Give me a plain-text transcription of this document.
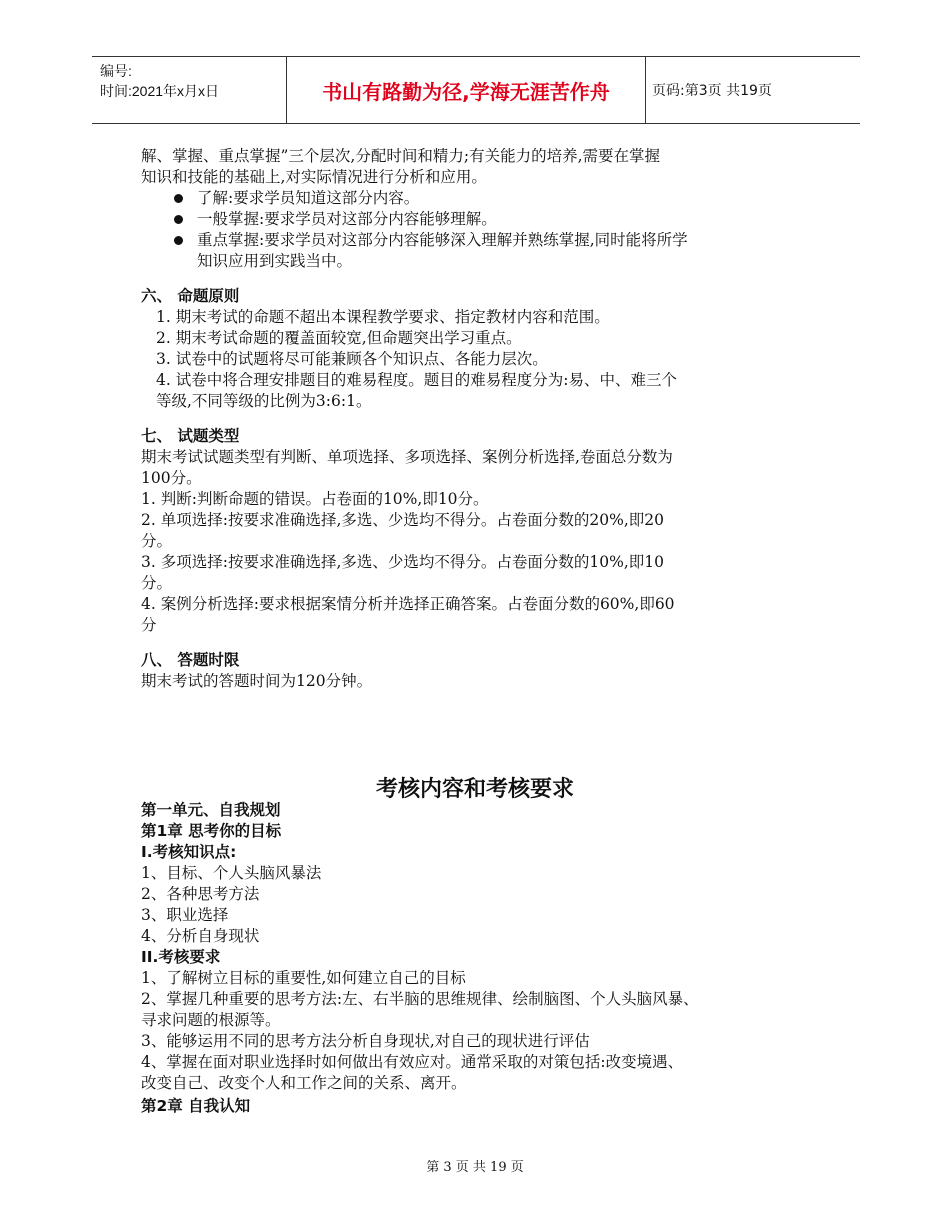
编号:
时间:2021年x月x日	书山有路勤为径,学海无涯苦作舟	页码:第3页 共19页
解、掌握、重点掌握”三个层次,分配时间和精力;有关能力的培养,需要在掌握
知识和技能的基础上,对实际情况进行分析和应用。
了解:要求学员知道这部分内容。
一般掌握:要求学员对这部分内容能够理解。
重点掌握:要求学员对这部分内容能够深入理解并熟练掌握,同时能将所学
知识应用到实践当中。
六、 命题原则
1. 期末考试的命题不超出本课程教学要求、指定教材内容和范围。
2. 期末考试命题的覆盖面较宽,但命题突出学习重点。
3. 试卷中的试题将尽可能兼顾各个知识点、各能力层次。
4. 试卷中将合理安排题目的难易程度。题目的难易程度分为:易、中、难三个
等级,不同等级的比例为3:6:1。
七、 试题类型
期末考试试题类型有判断、单项选择、多项选择、案例分析选择,卷面总分数为
100分。
1. 判断:判断命题的错误。占卷面的10%,即10分。
2. 单项选择:按要求准确选择,多选、少选均不得分。占卷面分数的20%,即20
分。
3. 多项选择:按要求准确选择,多选、少选均不得分。占卷面分数的10%,即10
分。
4. 案例分析选择:要求根据案情分析并选择正确答案。占卷面分数的60%,即60
分
八、 答题时限
期末考试的答题时间为120分钟。
考核内容和考核要求
第一单元、自我规划
第1章 思考你的目标
I.考核知识点:
1、目标、个人头脑风暴法
2、各种思考方法
3、职业选择
4、分析自身现状
II.考核要求
1、了解树立目标的重要性,如何建立自己的目标
2、掌握几种重要的思考方法:左、右半脑的思维规律、绘制脑图、个人头脑风暴、
寻求问题的根源等。
3、能够运用不同的思考方法分析自身现状,对自己的现状进行评估
4、掌握在面对职业选择时如何做出有效应对。通常采取的对策包括:改变境遇、
改变自己、改变个人和工作之间的关系、离开。
第2章 自我认知
第 3 页 共 19 页
